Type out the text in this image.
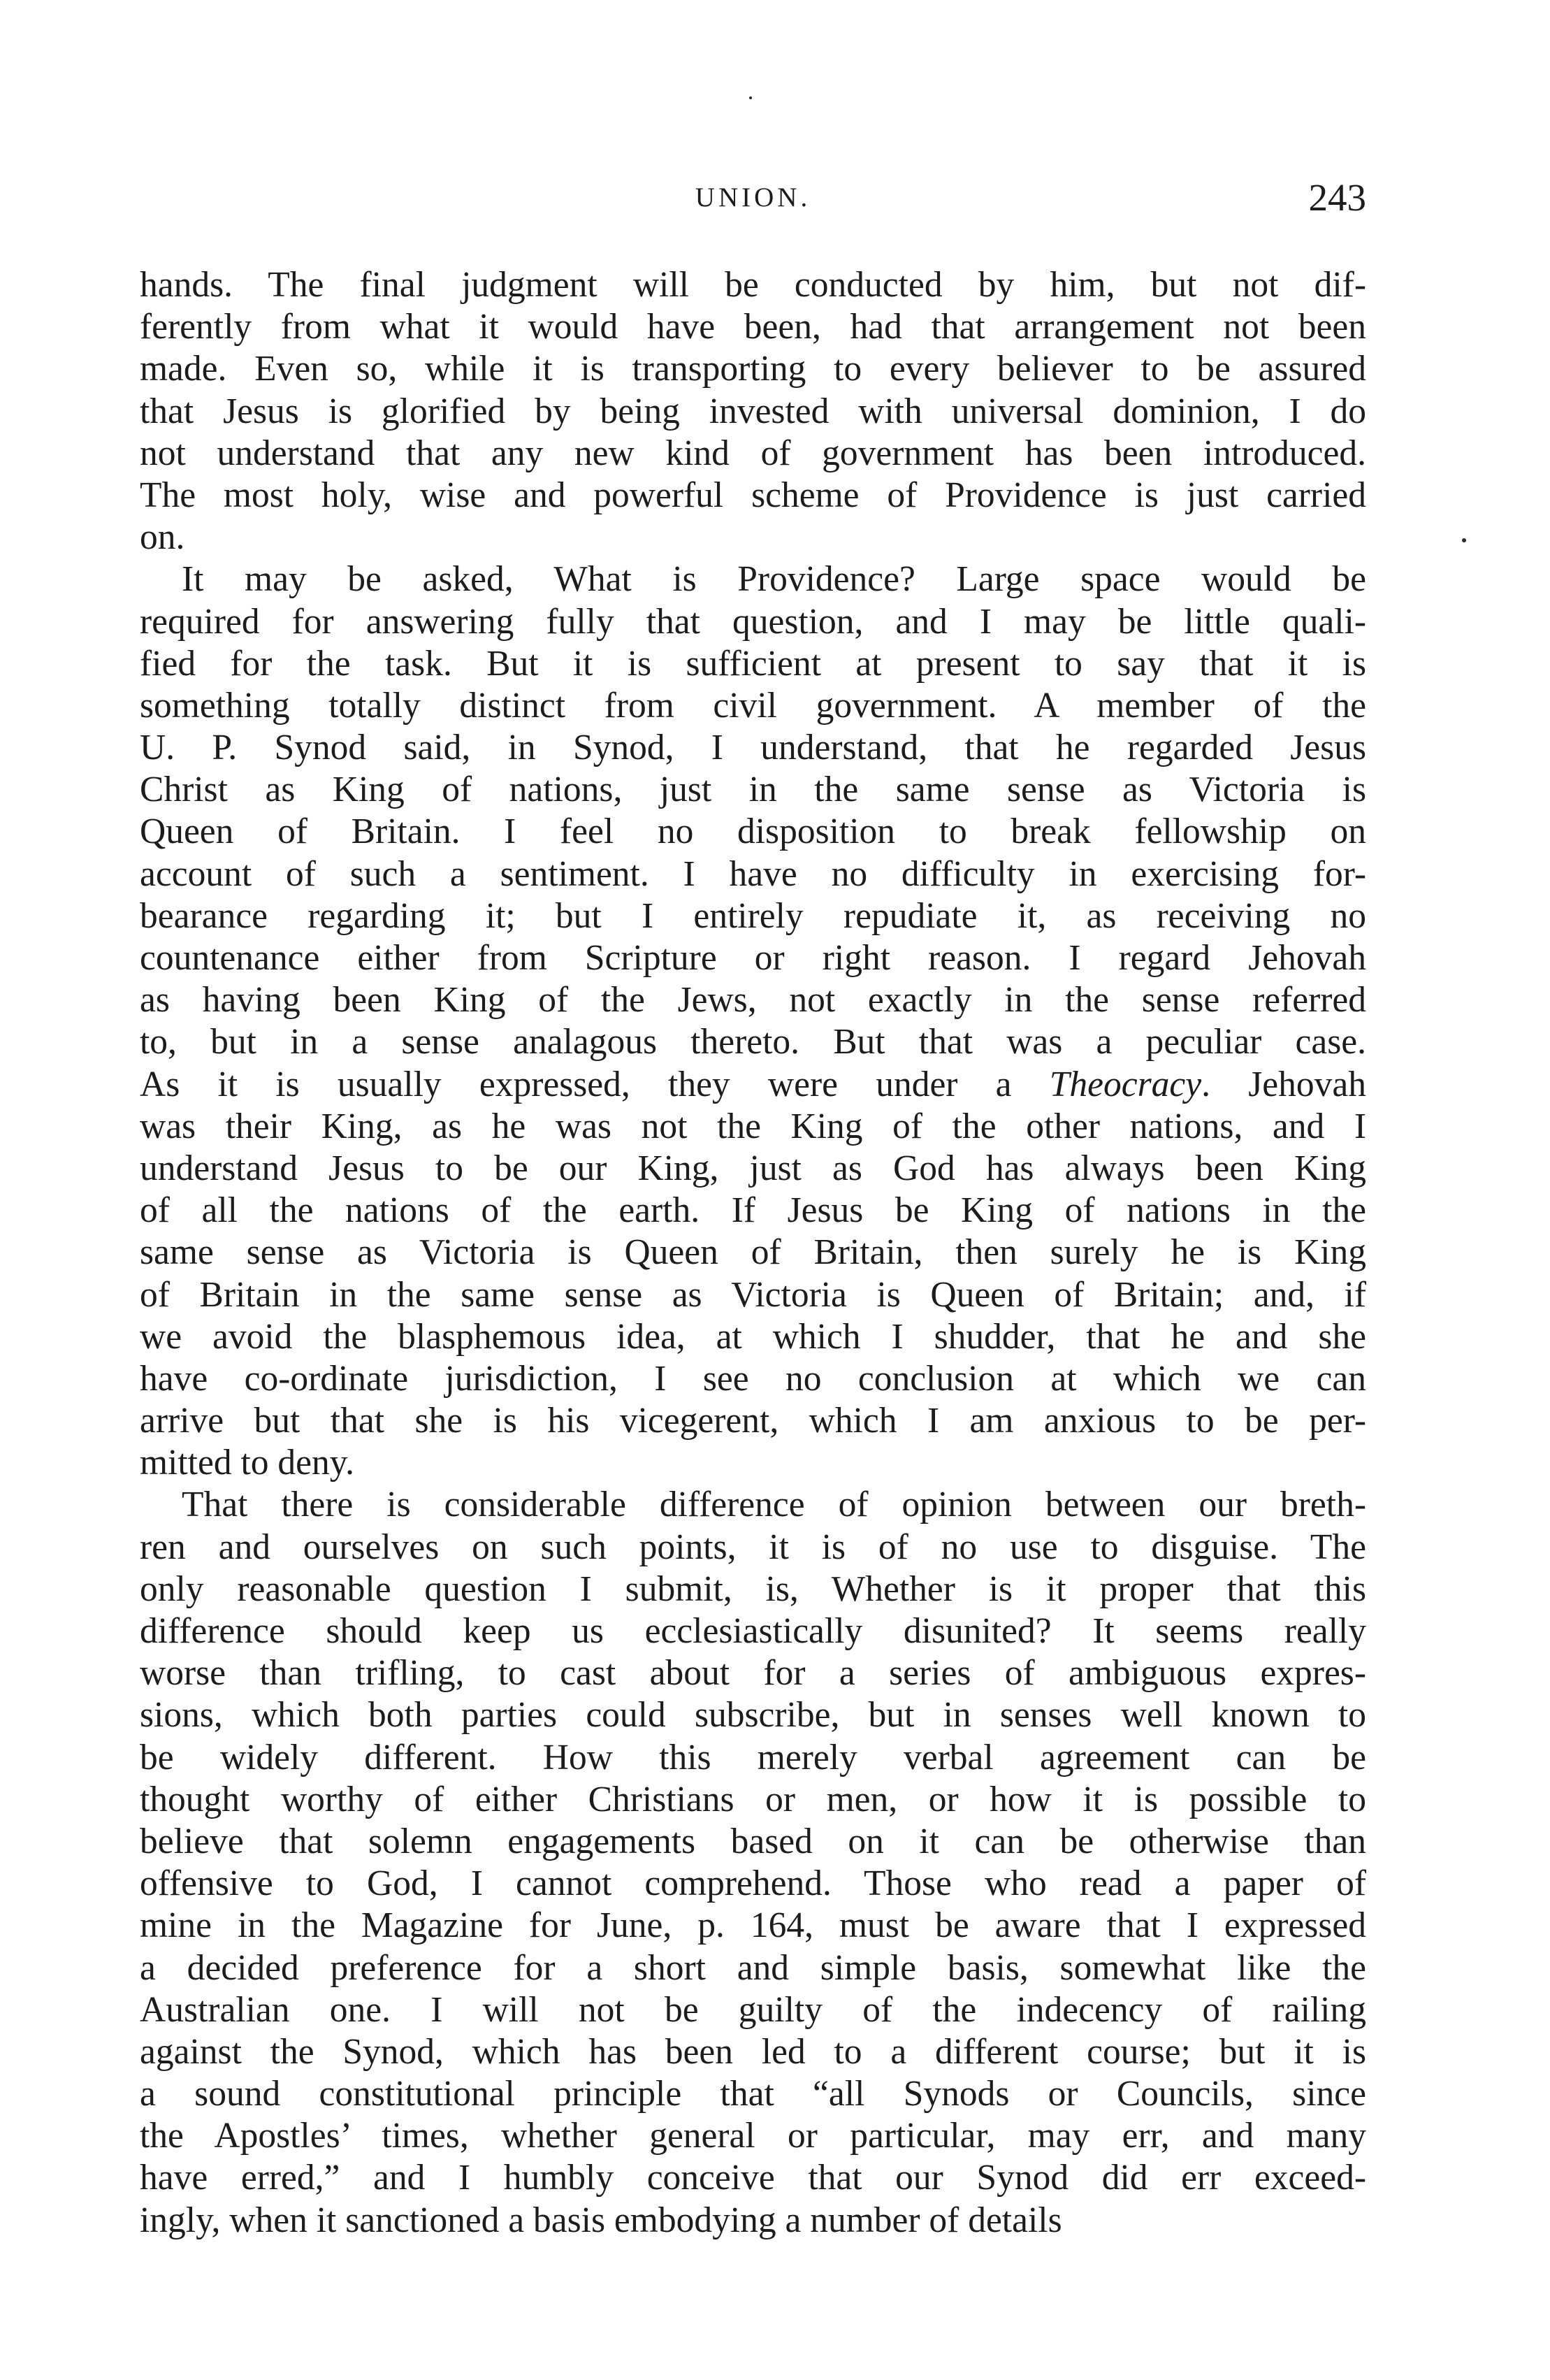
UNION.	243
hands. The final judgment will be conducted by him, but not dif-
ferently from what it would have been, had that arrangement not been
made. Even so, while it is transporting to every believer to be assured
that Jesus is glorified by being invested with universal dominion, I do
not understand that any new kind of government has been introduced.
The most holy, wise and powerful scheme of Providence is just carried
on.
It may be asked, What is Providence? Large space would be
required for answering fully that question, and I may be little quali-
fied for the task. But it is sufficient at present to say that it is
something totally distinct from civil government. A member of the
U. P. Synod said, in Synod, I understand, that he regarded Jesus
Christ as King of nations, just in the same sense as Victoria is
Queen of Britain. I feel no disposition to break fellowship on
account of such a sentiment. I have no difficulty in exercising for-
bearance regarding it; but I entirely repudiate it, as receiving no
countenance either from Scripture or right reason. I regard Jehovah
as having been King of the Jews, not exactly in the sense referred
to, but in a sense analagous thereto. But that was a peculiar case.
As it is usually expressed, they were under a Theocracy. Jehovah
was their King, as he was not the King of the other nations, and I
understand Jesus to be our King, just as God has always been King
of all the nations of the earth. If Jesus be King of nations in the
same sense as Victoria is Queen of Britain, then surely he is King
of Britain in the same sense as Victoria is Queen of Britain; and, if
we avoid the blasphemous idea, at which I shudder, that he and she
have co-ordinate jurisdiction, I see no conclusion at which we can
arrive but that she is his vicegerent, which I am anxious to be per-
mitted to deny.
That there is considerable difference of opinion between our breth-
ren and ourselves on such points, it is of no use to disguise. The
only reasonable question I submit, is, Whether is it proper that this
difference should keep us ecclesiastically disunited? It seems really
worse than trifling, to cast about for a series of ambiguous expres-
sions, which both parties could subscribe, but in senses well known to
be widely different. How this merely verbal agreement can be
thought worthy of either Christians or men, or how it is possible to
believe that solemn engagements based on it can be otherwise than
offensive to God, I cannot comprehend. Those who read a paper of
mine in the Magazine for June, p. 164, must be aware that I expressed
a decided preference for a short and simple basis, somewhat like the
Australian one. I will not be guilty of the indecency of railing
against the Synod, which has been led to a different course; but it is
a sound constitutional principle that “all Synods or Councils, since
the Apostles’ times, whether general or particular, may err, and many
have erred,” and I humbly conceive that our Synod did err exceed-
ingly, when it sanctioned a basis embodying a number of details
